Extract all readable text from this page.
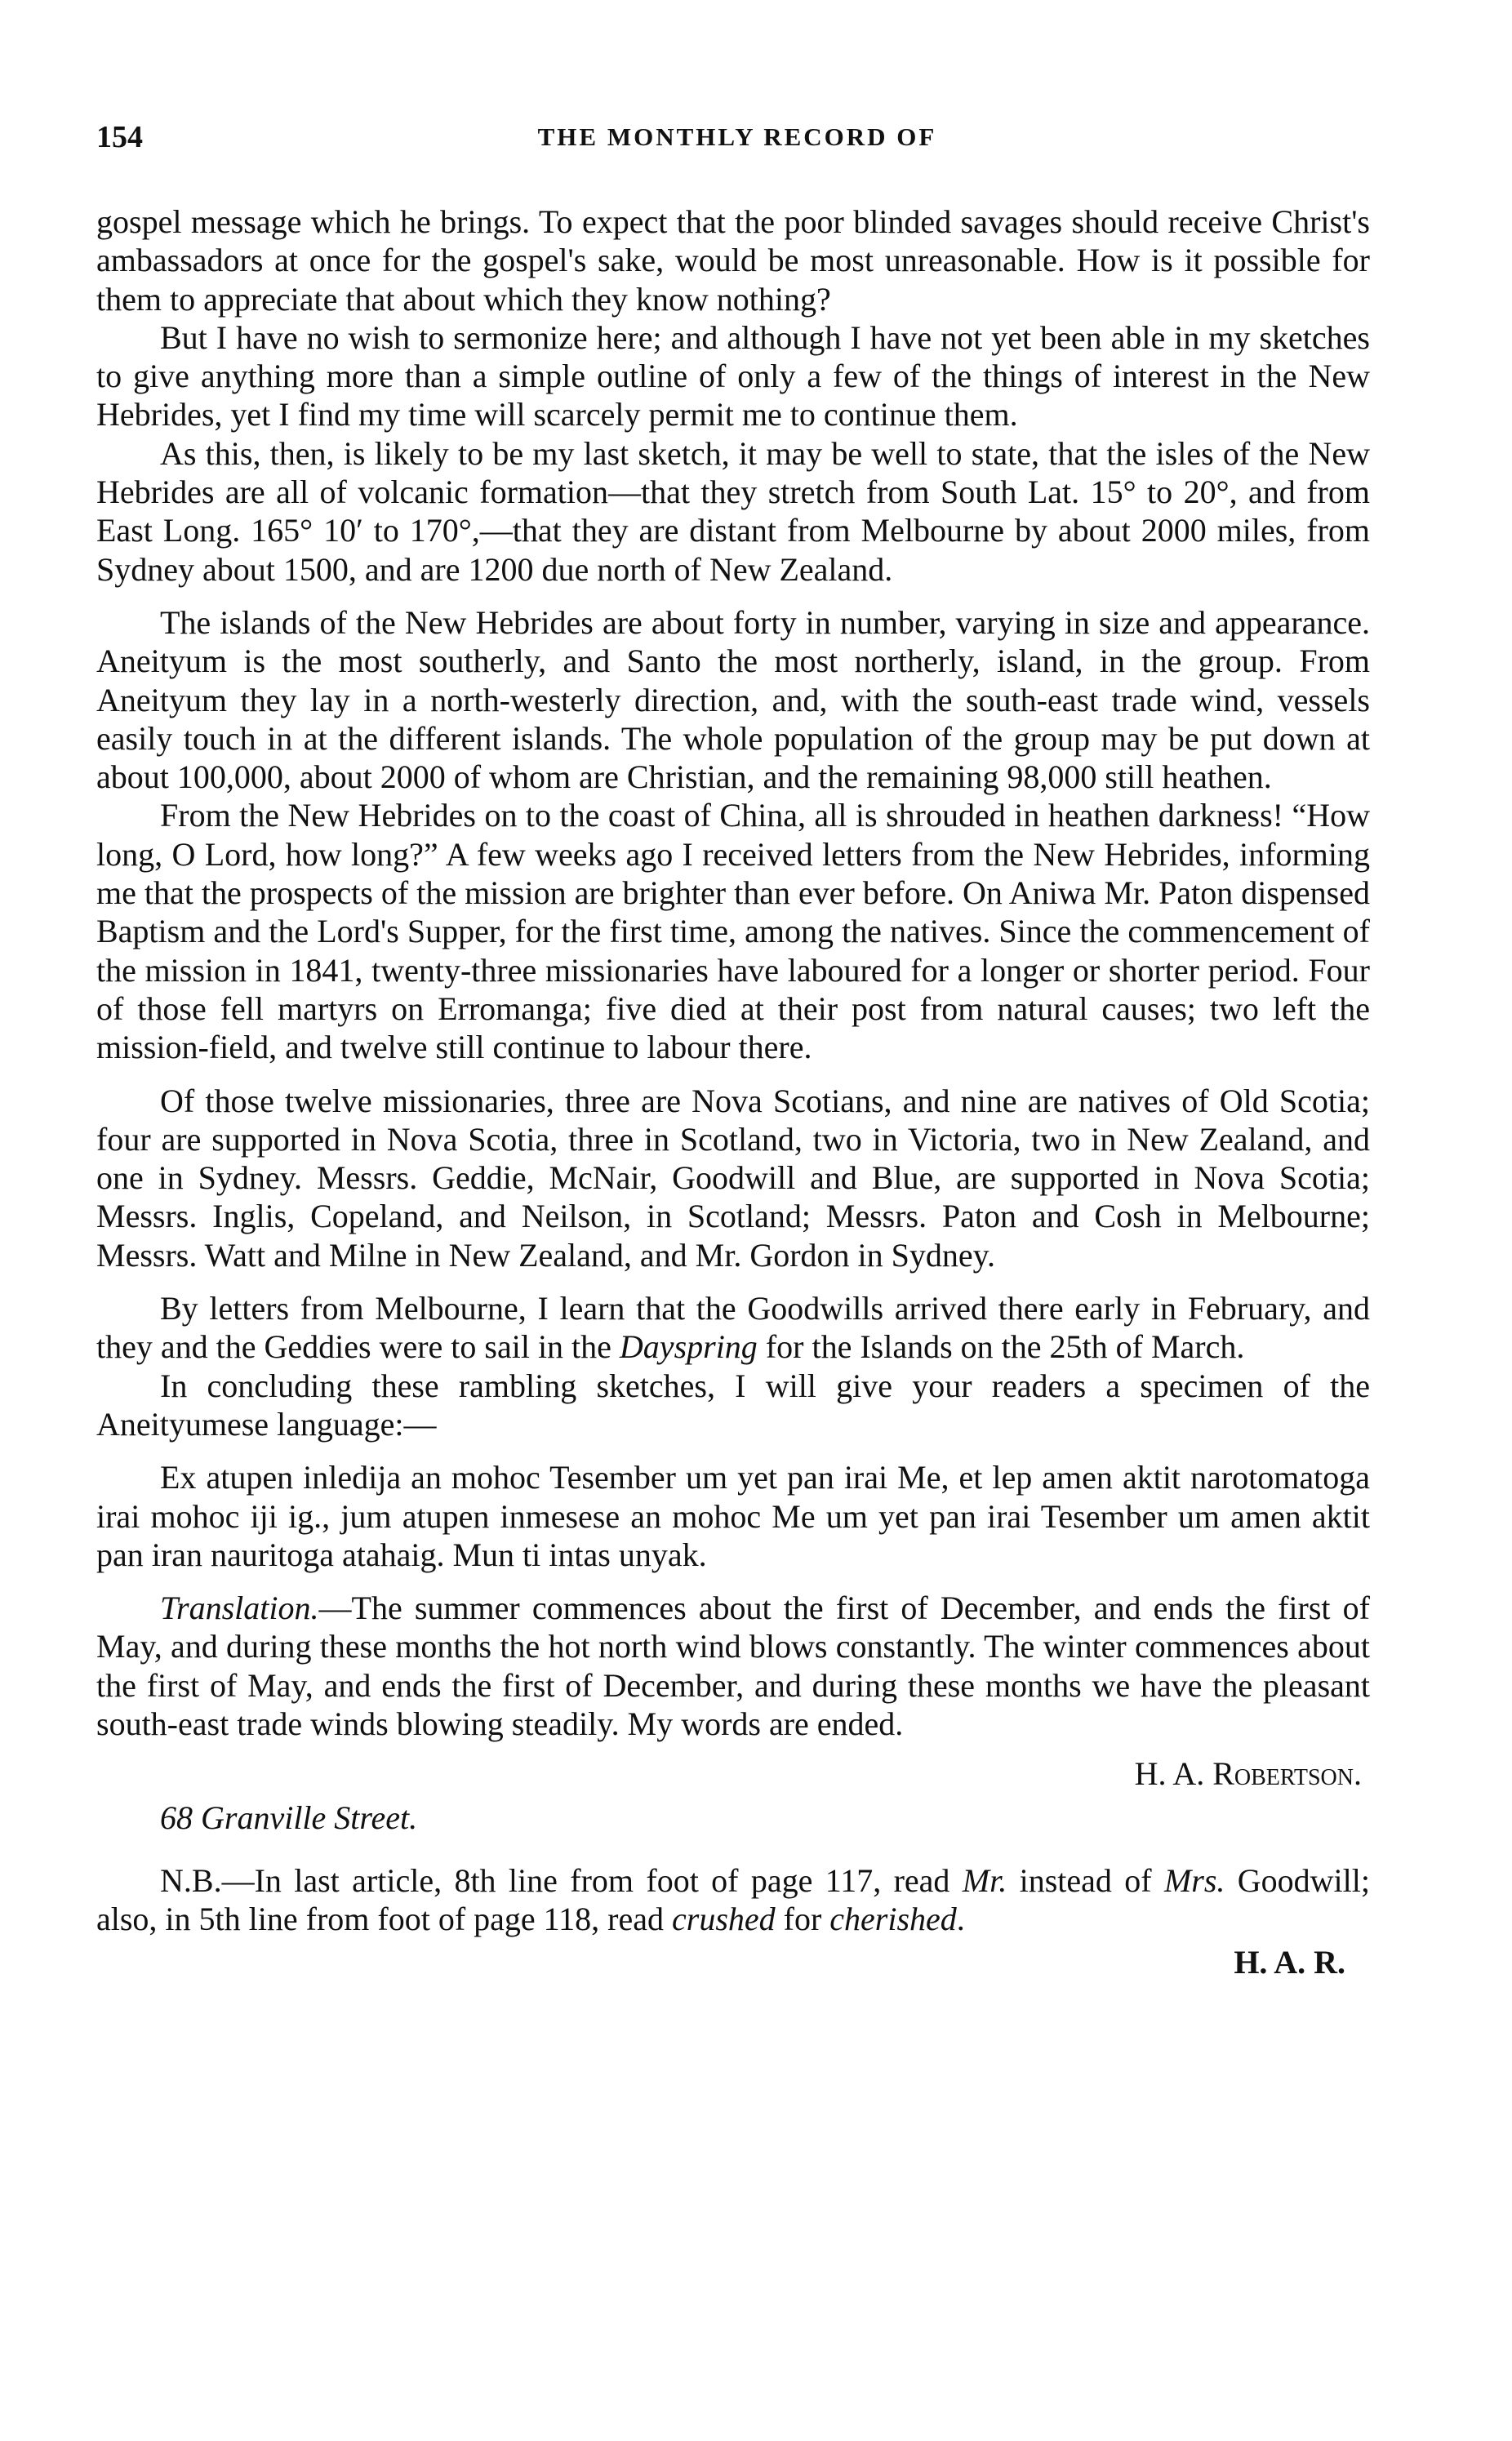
154	THE MONTHLY RECORD OF

gospel message which he brings. To expect that the poor blinded savages should receive Christ's ambassadors at once for the gospel's sake, would be most unreasonable. How is it possible for them to appreciate that about which they know nothing?

But I have no wish to sermonize here; and although I have not yet been able in my sketches to give anything more than a simple outline of only a few of the things of interest in the New Hebrides, yet I find my time will scarcely permit me to continue them.

As this, then, is likely to be my last sketch, it may be well to state, that the isles of the New Hebrides are all of volcanic formation—that they stretch from South Lat. 15° to 20°, and from East Long. 165° 10′ to 170°,—that they are distant from Melbourne by about 2000 miles, from Sydney about 1500, and are 1200 due north of New Zealand.

The islands of the New Hebrides are about forty in number, varying in size and appearance. Aneityum is the most southerly, and Santo the most northerly, island, in the group. From Aneityum they lay in a north-westerly direction, and, with the south-east trade wind, vessels easily touch in at the different islands. The whole population of the group may be put down at about 100,000, about 2000 of whom are Christian, and the remaining 98,000 still heathen.

From the New Hebrides on to the coast of China, all is shrouded in heathen darkness! “How long, O Lord, how long?” A few weeks ago I received letters from the New Hebrides, informing me that the prospects of the mission are brighter than ever before. On Aniwa Mr. Paton dispensed Baptism and the Lord's Supper, for the first time, among the natives. Since the commencement of the mission in 1841, twenty-three missionaries have laboured for a longer or shorter period. Four of those fell martyrs on Erromanga; five died at their post from natural causes; two left the mission-field, and twelve still continue to labour there.

Of those twelve missionaries, three are Nova Scotians, and nine are natives of Old Scotia; four are supported in Nova Scotia, three in Scotland, two in Victoria, two in New Zealand, and one in Sydney. Messrs. Geddie, McNair, Goodwill and Blue, are supported in Nova Scotia; Messrs. Inglis, Copeland, and Neilson, in Scotland; Messrs. Paton and Cosh in Melbourne; Messrs. Watt and Milne in New Zealand, and Mr. Gordon in Sydney.

By letters from Melbourne, I learn that the Goodwills arrived there early in February, and they and the Geddies were to sail in the Dayspring for the Islands on the 25th of March.

In concluding these rambling sketches, I will give your readers a specimen of the Aneityumese language:—

Ex atupen inledija an mohoc Tesember um yet pan irai Me, et lep amen aktit narotomatoga irai mohoc iji ig., jum atupen inmesese an mohoc Me um yet pan irai Tesember um amen aktit pan iran nauritoga atahaig. Mun ti intas unyak.

Translation.—The summer commences about the first of December, and ends the first of May, and during these months the hot north wind blows constantly. The winter commences about the first of May, and ends the first of December, and during these months we have the pleasant south-east trade winds blowing steadily. My words are ended.

H. A. Robertson.

68 Granville Street.

N.B.—In last article, 8th line from foot of page 117, read Mr. instead of Mrs. Goodwill; also, in 5th line from foot of page 118, read crushed for cherished.

H. A. R.
